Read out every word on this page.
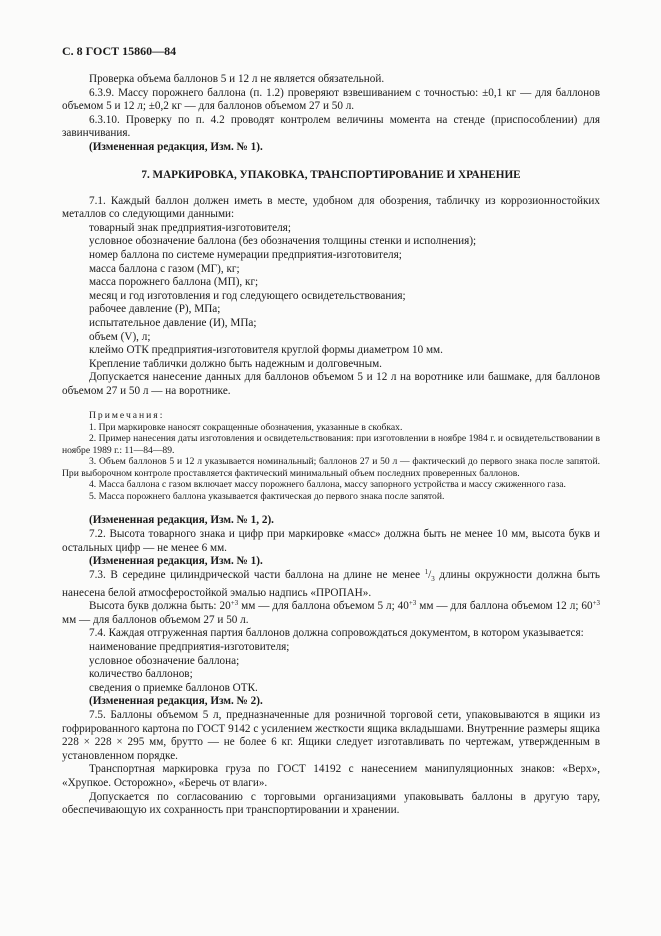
С. 8 ГОСТ 15860—84

Проверка объема баллонов 5 и 12 л не является обязательной.

6.3.9. Массу порожнего баллона (п. 1.2) проверяют взвешиванием с точностью: ±0,1 кг — для баллонов объемом 5 и 12 л; ±0,2 кг — для баллонов объемом 27 и 50 л.

6.3.10. Проверку по п. 4.2 проводят контролем величины момента на стенде (приспособлении) для завинчивания.

(Измененная редакция, Изм. № 1).

7. МАРКИРОВКА, УПАКОВКА, ТРАНСПОРТИРОВАНИЕ И ХРАНЕНИЕ

7.1. Каждый баллон должен иметь в месте, удобном для обозрения, табличку из коррозионностойких металлов со следующими данными:

товарный знак предприятия-изготовителя;

условное обозначение баллона (без обозначения толщины стенки и исполнения);

номер баллона по системе нумерации предприятия-изготовителя;

масса баллона с газом (МГ), кг;

масса порожнего баллона (МП), кг;

месяц и год изготовления и год следующего освидетельствования;

рабочее давление (Р), МПа;

испытательное давление (И), МПа;

объем (V), л;

клеймо ОТК предприятия-изготовителя круглой формы диаметром 10 мм.

Крепление таблички должно быть надежным и долговечным.

Допускается нанесение данных для баллонов объемом 5 и 12 л на воротнике или башмаке, для баллонов объемом 27 и 50 л — на воротнике.

Примечания:

1. При маркировке наносят сокращенные обозначения, указанные в скобках.

2. Пример нанесения даты изготовления и освидетельствования: при изготовлении в ноябре 1984 г. и освидетельствовании в ноябре 1989 г.: 11—84—89.

3. Объем баллонов 5 и 12 л указывается номинальный; баллонов 27 и 50 л — фактический до первого знака после запятой. При выборочном контроле проставляется фактический минимальный объем последних проверенных баллонов.

4. Масса баллона с газом включает массу порожнего баллона, массу запорного устройства и массу сжиженного газа.

5. Масса порожнего баллона указывается фактическая до первого знака после запятой.

(Измененная редакция, Изм. № 1, 2).

7.2. Высота товарного знака и цифр при маркировке «масс» должна быть не менее 10 мм, высота букв и остальных цифр — не менее 6 мм.

(Измененная редакция, Изм. № 1).

7.3. В середине цилиндрической части баллона на длине не менее $^1/_3$ длины окружности должна быть нанесена белой атмосферостойкой эмалью надпись «ПРОПАН».

Высота букв должна быть: $20^{+3}$ мм — для баллона объемом 5 л; $40^{+3}$ мм — для баллона объемом 12 л; $60^{+3}$ мм — для баллонов объемом 27 и 50 л.

7.4. Каждая отгруженная партия баллонов должна сопровождаться документом, в котором указывается:

наименование предприятия-изготовителя;

условное обозначение баллона;

количество баллонов;

сведения о приемке баллонов ОТК.

(Измененная редакция, Изм. № 2).

7.5. Баллоны объемом 5 л, предназначенные для розничной торговой сети, упаковываются в ящики из гофрированного картона по ГОСТ 9142 с усилением жесткости ящика вкладышами. Внутренние размеры ящика 228 × 228 × 295 мм, брутто — не более 6 кг. Ящики следует изготавливать по чертежам, утвержденным в установленном порядке.

Транспортная маркировка груза по ГОСТ 14192 с нанесением манипуляционных знаков: «Верх», «Хрупкое. Осторожно», «Беречь от влаги».

Допускается по согласованию с торговыми организациями упаковывать баллоны в другую тару, обеспечивающую их сохранность при транспортировании и хранении.
